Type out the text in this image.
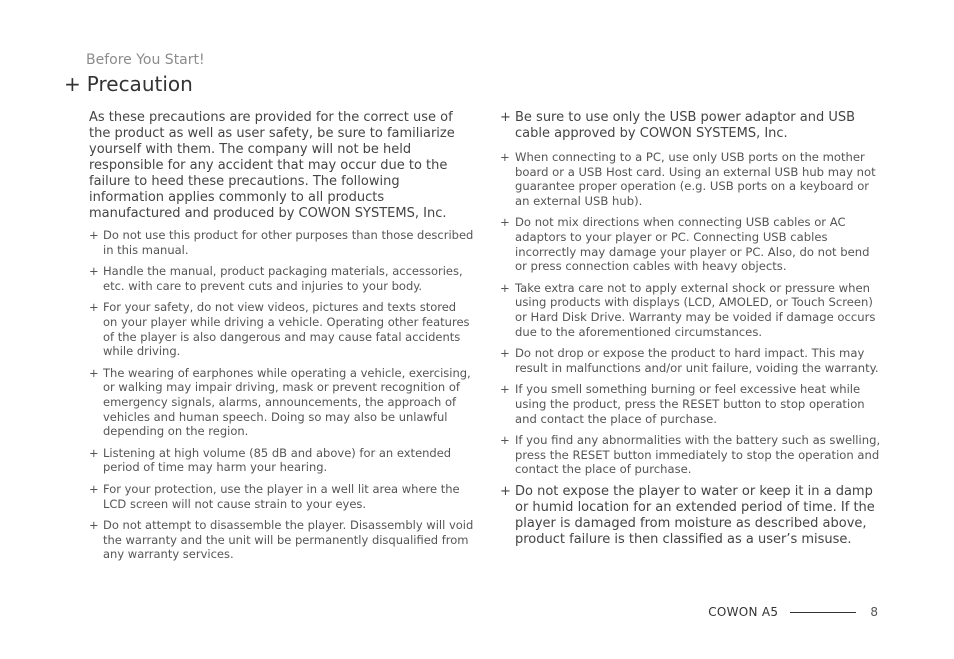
Before You Start!
+ Precaution

As these precautions are provided for the correct use of the product as well as user safety, be sure to familiarize yourself with them. The company will not be held responsible for any accident that may occur due to the failure to heed these precautions. The following information applies commonly to all products manufactured and produced by COWON SYSTEMS, Inc.

+ Do not use this product for other purposes than those described in this manual.
+ Handle the manual, product packaging materials, accessories, etc. with care to prevent cuts and injuries to your body.
+ For your safety, do not view videos, pictures and texts stored on your player while driving a vehicle. Operating other features of the player is also dangerous and may cause fatal accidents while driving.
+ The wearing of earphones while operating a vehicle, exercising, or walking may impair driving, mask or prevent recognition of emergency signals, alarms, announcements, the approach of vehicles and human speech. Doing so may also be unlawful depending on the region.
+ Listening at high volume (85 dB and above) for an extended period of time may harm your hearing.
+ For your protection, use the player in a well lit area where the LCD screen will not cause strain to your eyes.
+ Do not attempt to disassemble the player. Disassembly will void the warranty and the unit will be permanently disqualified from any warranty services.
+ Be sure to use only the USB power adaptor and USB cable approved by COWON SYSTEMS, Inc.
+ When connecting to a PC, use only USB ports on the mother board or a USB Host card. Using an external USB hub may not guarantee proper operation (e.g. USB ports on a keyboard or an external USB hub).
+ Do not mix directions when connecting USB cables or AC adaptors to your player or PC. Connecting USB cables incorrectly may damage your player or PC. Also, do not bend or press connection cables with heavy objects.
+ Take extra care not to apply external shock or pressure when using products with displays (LCD, AMOLED, or Touch Screen) or Hard Disk Drive. Warranty may be voided if damage occurs due to the aforementioned circumstances.
+ Do not drop or expose the product to hard impact. This may result in malfunctions and/or unit failure, voiding the warranty.
+ If you smell something burning or feel excessive heat while using the product, press the RESET button to stop operation and contact the place of purchase.
+ If you find any abnormalities with the battery such as swelling, press the RESET button immediately to stop the operation and contact the place of purchase.
+ Do not expose the player to water or keep it in a damp or humid location for an extended period of time. If the player is damaged from moisture as described above, product failure is then classified as a user’s misuse.
COWON A5	8
